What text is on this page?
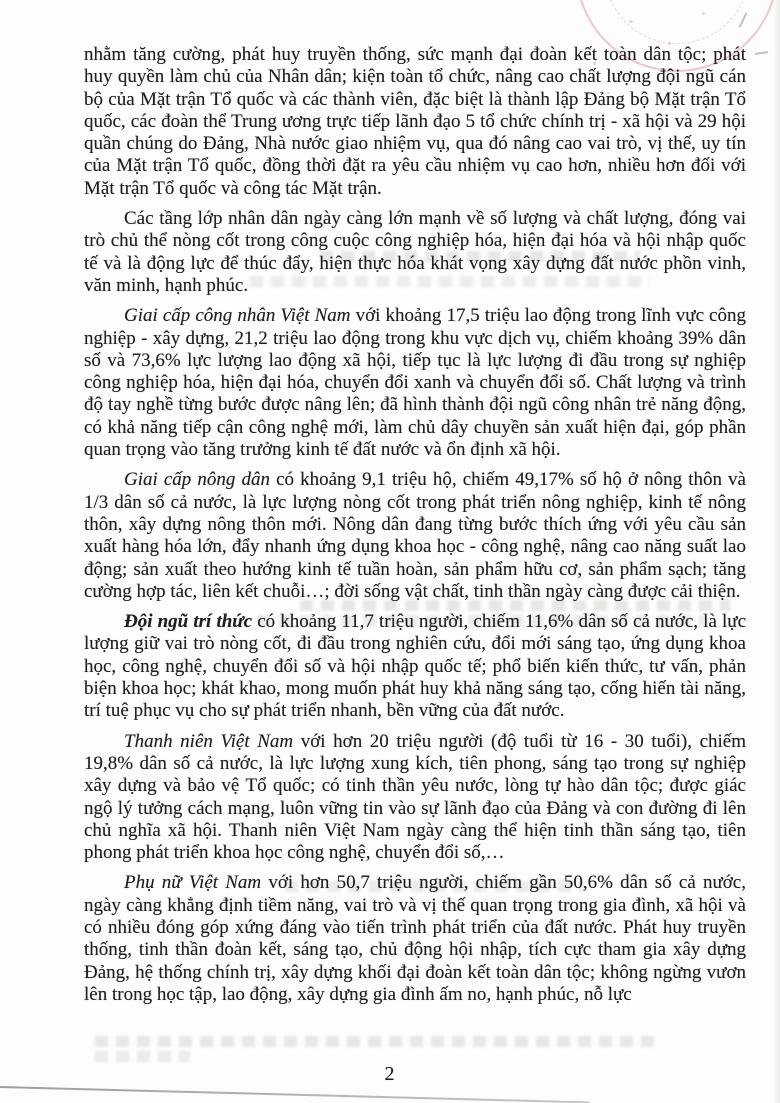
nhằm tăng cường, phát huy truyền thống, sức mạnh đại đoàn kết toàn dân tộc; phát huy quyền làm chủ của Nhân dân; kiện toàn tổ chức, nâng cao chất lượng đội ngũ cán bộ của Mặt trận Tổ quốc và các thành viên, đặc biệt là thành lập Đảng bộ Mặt trận Tổ quốc, các đoàn thể Trung ương trực tiếp lãnh đạo 5 tổ chức chính trị - xã hội và 29 hội quần chúng do Đảng, Nhà nước giao nhiệm vụ, qua đó nâng cao vai trò, vị thế, uy tín của Mặt trận Tổ quốc, đồng thời đặt ra yêu cầu nhiệm vụ cao hơn, nhiều hơn đối với Mặt trận Tổ quốc và công tác Mặt trận.

Các tầng lớp nhân dân ngày càng lớn mạnh về số lượng và chất lượng, đóng vai trò chủ thể nòng cốt trong công cuộc công nghiệp hóa, hiện đại hóa và hội nhập quốc tế và là động lực để thúc đẩy, hiện thực hóa khát vọng xây dựng đất nước phồn vinh, văn minh, hạnh phúc.

Giai cấp công nhân Việt Nam với khoảng 17,5 triệu lao động trong lĩnh vực công nghiệp - xây dựng, 21,2 triệu lao động trong khu vực dịch vụ, chiếm khoảng 39% dân số và 73,6% lực lượng lao động xã hội, tiếp tục là lực lượng đi đầu trong sự nghiệp công nghiệp hóa, hiện đại hóa, chuyển đổi xanh và chuyển đổi số. Chất lượng và trình độ tay nghề từng bước được nâng lên; đã hình thành đội ngũ công nhân trẻ năng động, có khả năng tiếp cận công nghệ mới, làm chủ dây chuyền sản xuất hiện đại, góp phần quan trọng vào tăng trưởng kinh tế đất nước và ổn định xã hội.

Giai cấp nông dân có khoảng 9,1 triệu hộ, chiếm 49,17% số hộ ở nông thôn và 1/3 dân số cả nước, là lực lượng nòng cốt trong phát triển nông nghiệp, kinh tế nông thôn, xây dựng nông thôn mới. Nông dân đang từng bước thích ứng với yêu cầu sản xuất hàng hóa lớn, đẩy nhanh ứng dụng khoa học - công nghệ, nâng cao năng suất lao động; sản xuất theo hướng kinh tế tuần hoàn, sản phẩm hữu cơ, sản phẩm sạch; tăng cường hợp tác, liên kết chuỗi…; đời sống vật chất, tinh thần ngày càng được cải thiện.

Đội ngũ trí thức có khoảng 11,7 triệu người, chiếm 11,6% dân số cả nước, là lực lượng giữ vai trò nòng cốt, đi đầu trong nghiên cứu, đổi mới sáng tạo, ứng dụng khoa học, công nghệ, chuyển đổi số và hội nhập quốc tế; phổ biến kiến thức, tư vấn, phản biện khoa học; khát khao, mong muốn phát huy khả năng sáng tạo, cống hiến tài năng, trí tuệ phục vụ cho sự phát triển nhanh, bền vững của đất nước.

Thanh niên Việt Nam với hơn 20 triệu người (độ tuổi từ 16 - 30 tuổi), chiếm 19,8% dân số cả nước, là lực lượng xung kích, tiên phong, sáng tạo trong sự nghiệp xây dựng và bảo vệ Tổ quốc; có tinh thần yêu nước, lòng tự hào dân tộc; được giác ngộ lý tưởng cách mạng, luôn vững tin vào sự lãnh đạo của Đảng và con đường đi lên chủ nghĩa xã hội. Thanh niên Việt Nam ngày càng thể hiện tinh thần sáng tạo, tiên phong phát triển khoa học công nghệ, chuyển đổi số,…

Phụ nữ Việt Nam với hơn 50,7 triệu người, chiếm gần 50,6% dân số cả nước, ngày càng khẳng định tiềm năng, vai trò và vị thế quan trọng trong gia đình, xã hội và có nhiều đóng góp xứng đáng vào tiến trình phát triển của đất nước. Phát huy truyền thống, tinh thần đoàn kết, sáng tạo, chủ động hội nhập, tích cực tham gia xây dựng Đảng, hệ thống chính trị, xây dựng khối đại đoàn kết toàn dân tộc; không ngừng vươn lên trong học tập, lao động, xây dựng gia đình ấm no, hạnh phúc, nỗ lực

2
